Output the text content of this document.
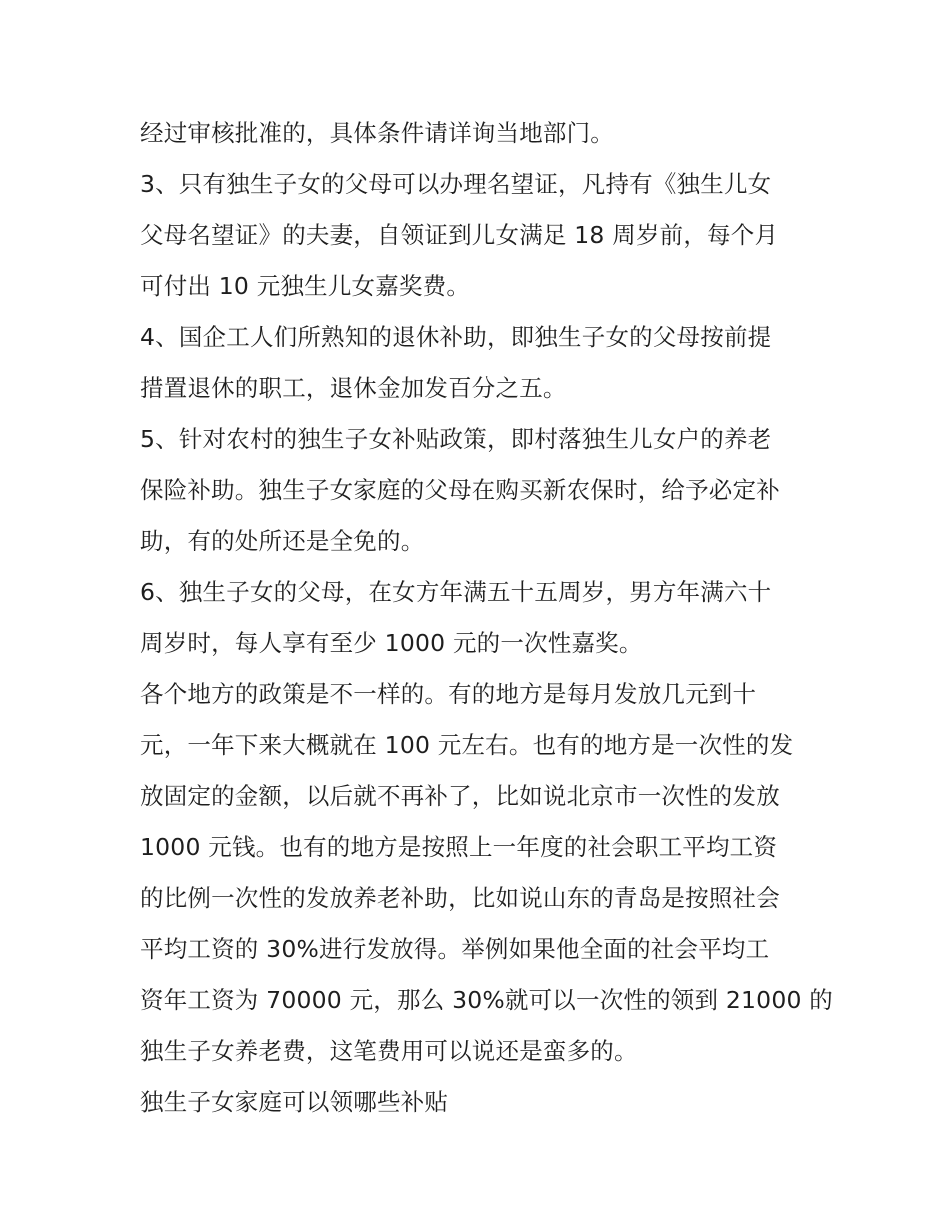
经过审核批准的，具体条件请详询当地部门。
3、只有独生子女的父母可以办理名望证，凡持有《独生儿女
父母名望证》的夫妻，自领证到儿女满足 18 周岁前，每个月
可付出 10 元独生儿女嘉奖费。
4、国企工人们所熟知的退休补助，即独生子女的父母按前提
措置退休的职工，退休金加发百分之五。
5、针对农村的独生子女补贴政策，即村落独生儿女户的养老
保险补助。独生子女家庭的父母在购买新农保时，给予必定补
助，有的处所还是全免的。
6、独生子女的父母，在女方年满五十五周岁，男方年满六十
周岁时，每人享有至少 1000 元的一次性嘉奖。
各个地方的政策是不一样的。有的地方是每月发放几元到十
元，一年下来大概就在 100 元左右。也有的地方是一次性的发
放固定的金额，以后就不再补了，比如说北京市一次性的发放
1000 元钱。也有的地方是按照上一年度的社会职工平均工资
的比例一次性的发放养老补助，比如说山东的青岛是按照社会
平均工资的 30%进行发放得。举例如果他全面的社会平均工
资年工资为 70000 元，那么 30%就可以一次性的领到 21000 的
独生子女养老费，这笔费用可以说还是蛮多的。
独生子女家庭可以领哪些补贴
